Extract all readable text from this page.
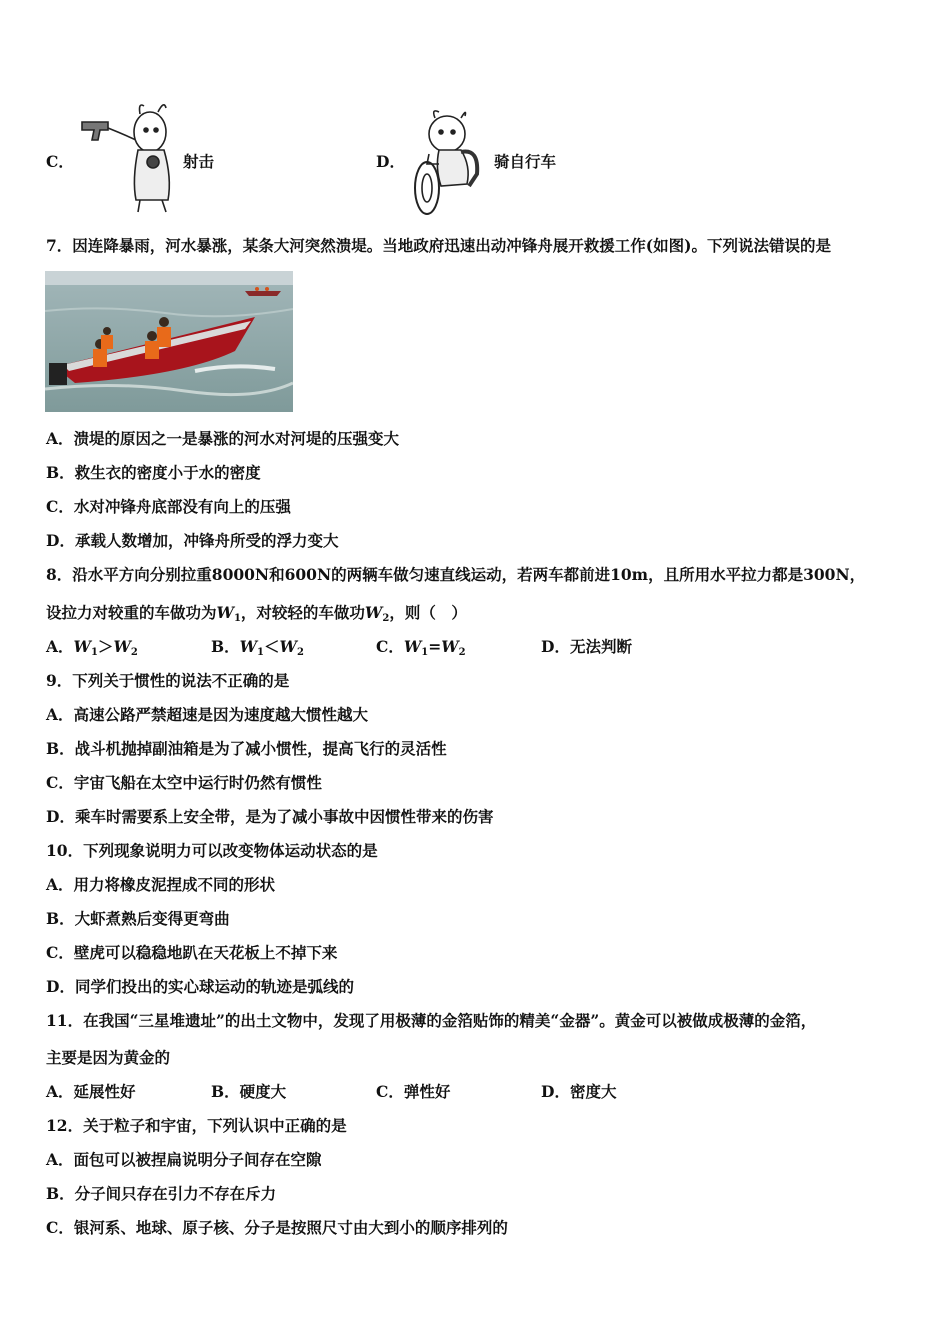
C．	射击	D．	骑自行车
7．因连降暴雨，河水暴涨，某条大河突然溃堤。当地政府迅速出动冲锋舟展开救援工作(如图)。下列说法错误的是
A．溃堤的原因之一是暴涨的河水对河堤的压强变大
B．救生衣的密度小于水的密度
C．水对冲锋舟底部没有向上的压强
D．承载人数增加，冲锋舟所受的浮力变大
8．沿水平方向分别拉重8000N和600N的两辆车做匀速直线运动，若两车都前进10m，且所用水平拉力都是300N，
设拉力对较重的车做功为$W_1$，对较轻的车做功$W_2$，则（　）
A．$W_1>W_2$	B．$W_1<W_2$	C．$W_1=W_2$	D．无法判断
9．下列关于惯性的说法不正确的是
A．高速公路严禁超速是因为速度越大惯性越大
B．战斗机抛掉副油箱是为了减小惯性，提高飞行的灵活性
C．宇宙飞船在太空中运行时仍然有惯性
D．乘车时需要系上安全带，是为了减小事故中因惯性带来的伤害
10．下列现象说明力可以改变物体运动状态的是
A．用力将橡皮泥捏成不同的形状
B．大虾煮熟后变得更弯曲
C．壁虎可以稳稳地趴在天花板上不掉下来
D．同学们投出的实心球运动的轨迹是弧线的
11．在我国“三星堆遗址”的出土文物中，发现了用极薄的金箔贴饰的精美“金器”。黄金可以被做成极薄的金箔，
主要是因为黄金的
A．延展性好	B．硬度大	C．弹性好	D．密度大
12．关于粒子和宇宙，下列认识中正确的是
A．面包可以被捏扁说明分子间存在空隙
B．分子间只存在引力不存在斥力
C．银河系、地球、原子核、分子是按照尺寸由大到小的顺序排列的
